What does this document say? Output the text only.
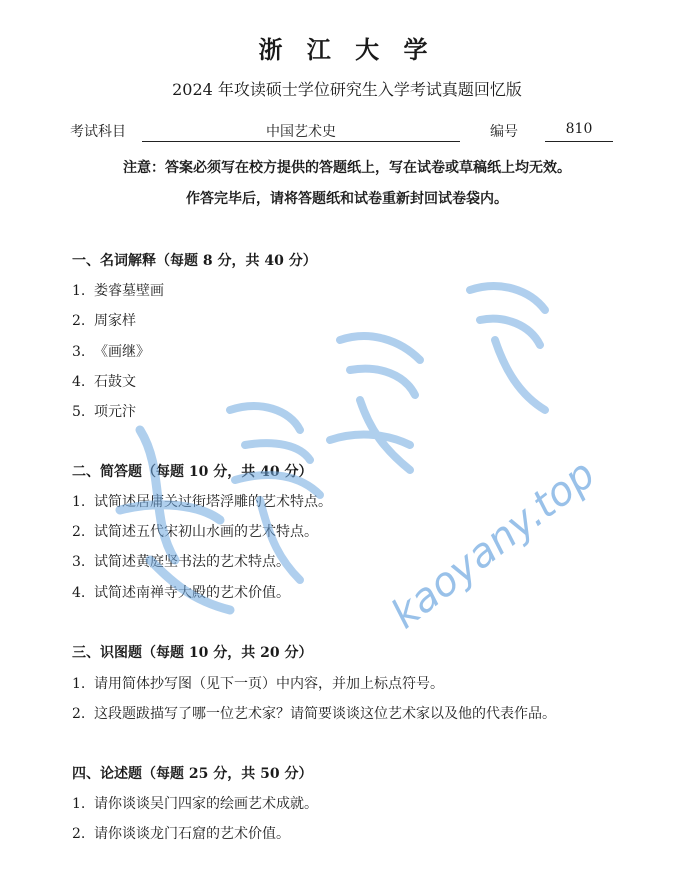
浙 江 大 学
2024 年攻读硕士学位研究生入学考试真题回忆版
考试科目	中国艺术史	编号	810
注意：答案必须写在校方提供的答题纸上，写在试卷或草稿纸上均无效。
作答完毕后，请将答题纸和试卷重新封回试卷袋内。
一、名词解释（每题 8 分，共 40 分）
1. 娄睿墓壁画
2. 周家样
3. 《画继》
4. 石鼓文
5. 项元汴
二、简答题（每题 10 分，共 40 分）
1. 试简述居庸关过街塔浮雕的艺术特点。
2. 试简述五代宋初山水画的艺术特点。
3. 试简述黄庭坚书法的艺术特点。
4. 试简述南禅寺大殿的艺术价值。
三、识图题（每题 10 分，共 20 分）
1. 请用简体抄写图（见下一页）中内容，并加上标点符号。
2. 这段题跋描写了哪一位艺术家？请简要谈谈这位艺术家以及他的代表作品。
四、论述题（每题 25 分，共 50 分）
1. 请你谈谈吴门四家的绘画艺术成就。
2. 请你谈谈龙门石窟的艺术价值。
kaoyany.top
